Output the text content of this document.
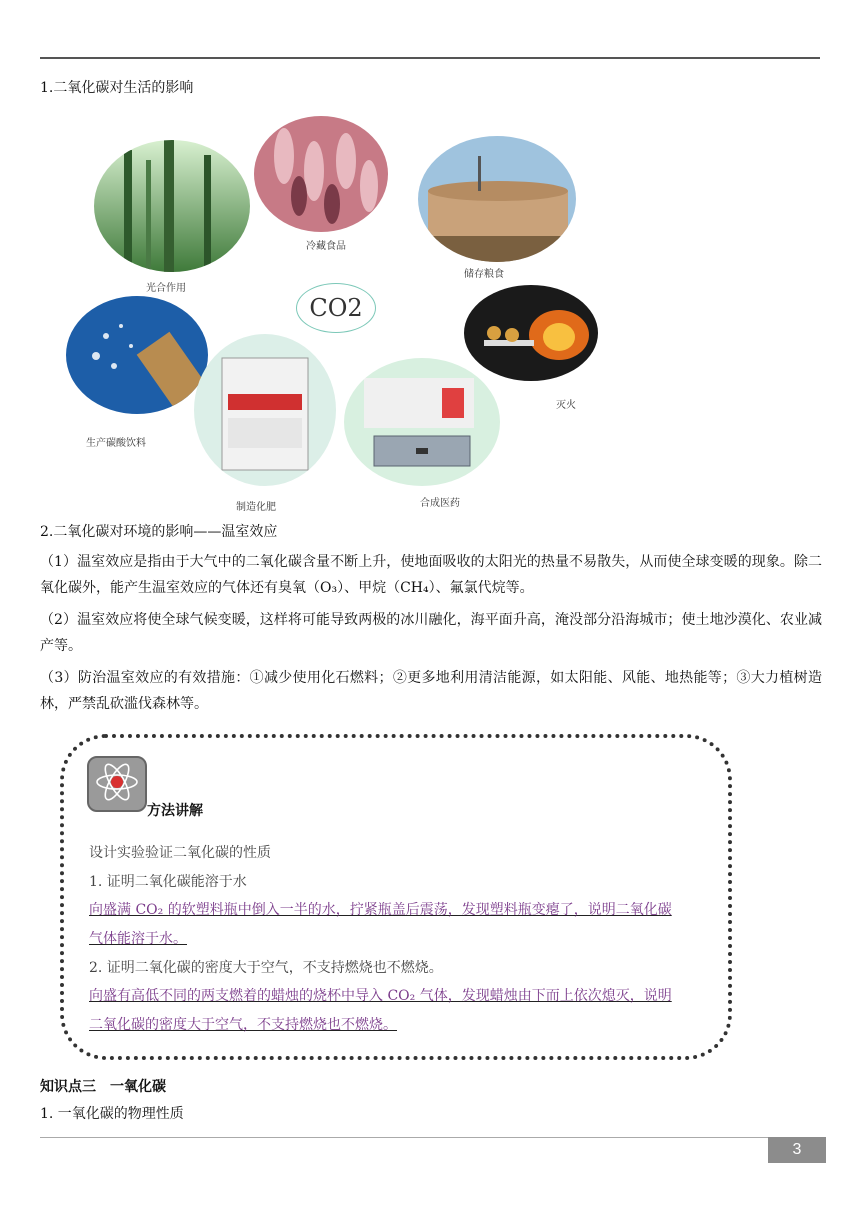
1.二氧化碳对生活的影响
光合作用
冷藏食品
储存粮食
CO2
灭火
生产碳酸饮料
制造化肥	合成医药
2.二氧化碳对环境的影响——温室效应
（1）温室效应是指由于大气中的二氧化碳含量不断上升，使地面吸收的太阳光的热量不易散失，从而使全球变暖的现象。除二氧化碳外，能产生温室效应的气体还有臭氧（O₃）、甲烷（CH₄）、氟氯代烷等。
（2）温室效应将使全球气候变暖，这样将可能导致两极的冰川融化，海平面升高，淹没部分沿海城市；使土地沙漠化、农业减产等。
（3）防治温室效应的有效措施：①减少使用化石燃料；②更多地利用清洁能源，如太阳能、风能、地热能等；③大力植树造林，严禁乱砍滥伐森林等。
方法讲解
设计实验验证二氧化碳的性质
1. 证明二氧化碳能溶于水
向盛满 CO₂ 的软塑料瓶中倒入一半的水，拧紧瓶盖后震荡，发现塑料瓶变瘪了，说明二氧化碳
气体能溶于水。
2. 证明二氧化碳的密度大于空气，不支持燃烧也不燃烧。
向盛有高低不同的两支燃着的蜡烛的烧杯中导入 CO₂ 气体，发现蜡烛由下而上依次熄灭，说明
二氧化碳的密度大于空气，不支持燃烧也不燃烧。
知识点三　一氧化碳
1. 一氧化碳的物理性质
3
